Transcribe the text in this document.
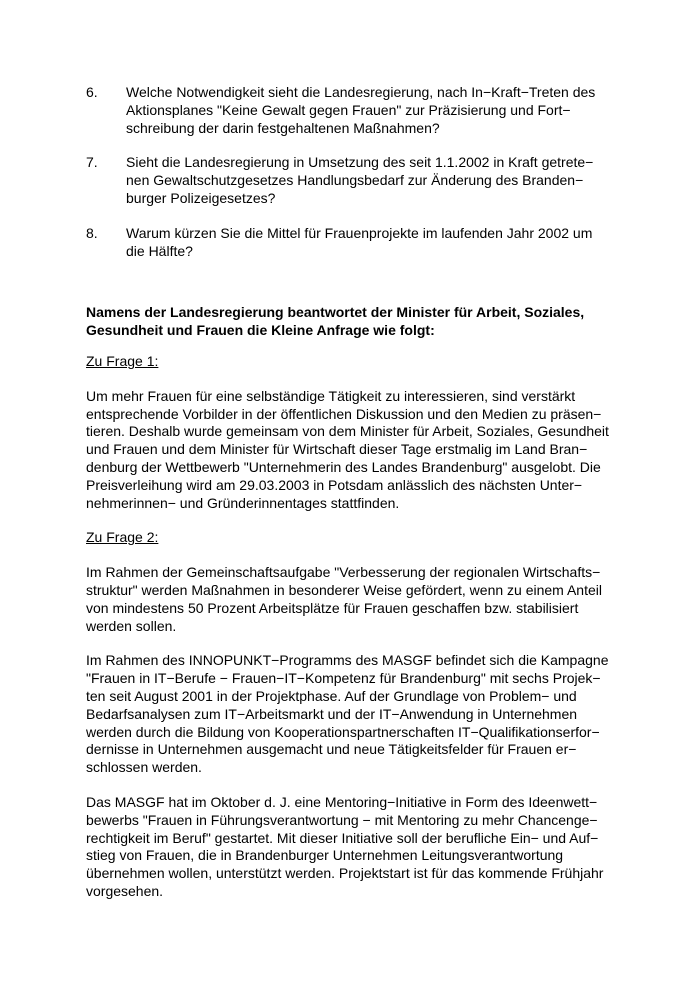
6.	Welche Notwendigkeit sieht die Landesregierung, nach In−Kraft−Treten des
Aktionsplanes "Keine Gewalt gegen Frauen" zur Präzisierung und Fort−
schreibung der darin festgehaltenen Maßnahmen?
7.	Sieht die Landesregierung in Umsetzung des seit 1.1.2002 in Kraft getrete−
nen Gewaltschutzgesetzes Handlungsbedarf zur Änderung des Branden−
burger Polizeigesetzes?
8.	Warum kürzen Sie die Mittel für Frauenprojekte im laufenden Jahr 2002 um
die Hälfte?

Namens der Landesregierung beantwortet der Minister für Arbeit, Soziales,
Gesundheit und Frauen die Kleine Anfrage wie folgt:

Zu Frage 1:

Um mehr Frauen für eine selbständige Tätigkeit zu interessieren, sind verstärkt
entsprechende Vorbilder in der öffentlichen Diskussion und den Medien zu präsen−
tieren. Deshalb wurde gemeinsam von dem Minister für Arbeit, Soziales, Gesundheit
und Frauen und dem Minister für Wirtschaft dieser Tage erstmalig im Land Bran−
denburg der Wettbewerb "Unternehmerin des Landes Brandenburg" ausgelobt. Die
Preisverleihung wird am 29.03.2003 in Potsdam anlässlich des nächsten Unter−
nehmerinnen− und Gründerinnentages stattfinden.

Zu Frage 2:

Im Rahmen der Gemeinschaftsaufgabe "Verbesserung der regionalen Wirtschafts−
struktur" werden Maßnahmen in besonderer Weise gefördert, wenn zu einem Anteil
von mindestens 50 Prozent Arbeitsplätze für Frauen geschaffen bzw. stabilisiert
werden sollen.

Im Rahmen des INNOPUNKT−Programms des MASGF befindet sich die Kampagne
"Frauen in IT−Berufe − Frauen−IT−Kompetenz für Brandenburg" mit sechs Projek−
ten seit August 2001 in der Projektphase. Auf der Grundlage von Problem− und
Bedarfsanalysen zum IT−Arbeitsmarkt und der IT−Anwendung in Unternehmen
werden durch die Bildung von Kooperationspartnerschaften IT−Qualifikationserfor−
dernisse in Unternehmen ausgemacht und neue Tätigkeitsfelder für Frauen er−
schlossen werden.

Das MASGF hat im Oktober d. J. eine Mentoring−Initiative in Form des Ideenwett−
bewerbs "Frauen in Führungsverantwortung − mit Mentoring zu mehr Chancenge−
rechtigkeit im Beruf" gestartet. Mit dieser Initiative soll der berufliche Ein− und Auf−
stieg von Frauen, die in Brandenburger Unternehmen Leitungsverantwortung
übernehmen wollen, unterstützt werden. Projektstart ist für das kommende Frühjahr
vorgesehen.
